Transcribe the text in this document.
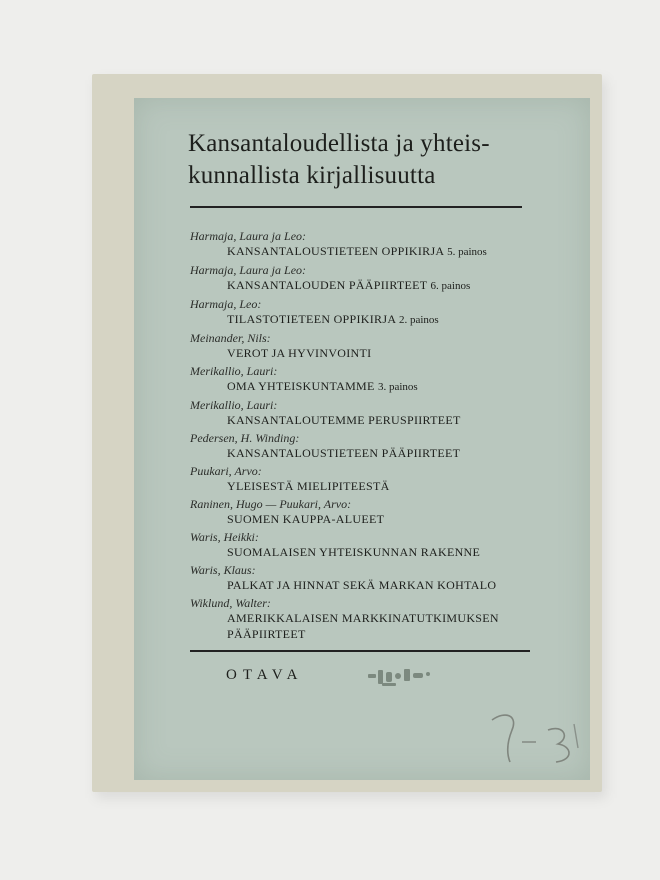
Kansantaloudellista ja yhteis-
kunnallista kirjallisuutta
Harmaja, Laura ja Leo:
KANSANTALOUSTIETEEN OPPIKIRJA 5. painos
Harmaja, Laura ja Leo:
KANSANTALOUDEN PÄÄPIIRTEET 6. painos
Harmaja, Leo:
TILASTOTIETEEN OPPIKIRJA 2. painos
Meinander, Nils:
VEROT JA HYVINVOINTI
Merikallio, Lauri:
OMA YHTEISKUNTAMME 3. painos
Merikallio, Lauri:
KANSANTALOUTEMME PERUSPIIRTEET
Pedersen, H. Winding:
KANSANTALOUSTIETEEN PÄÄPIIRTEET
Puukari, Arvo:
YLEISESTÄ MIELIPITEESTÄ
Raninen, Hugo — Puukari, Arvo:
SUOMEN KAUPPA-ALUEET
Waris, Heikki:
SUOMALAISEN YHTEISKUNNAN RAKENNE
Waris, Klaus:
PALKAT JA HINNAT SEKÄ MARKAN KOHTALO
Wiklund, Walter:
AMERIKKALAISEN MARKKINATUTKIMUKSEN
PÄÄPIIRTEET
OTAVA
